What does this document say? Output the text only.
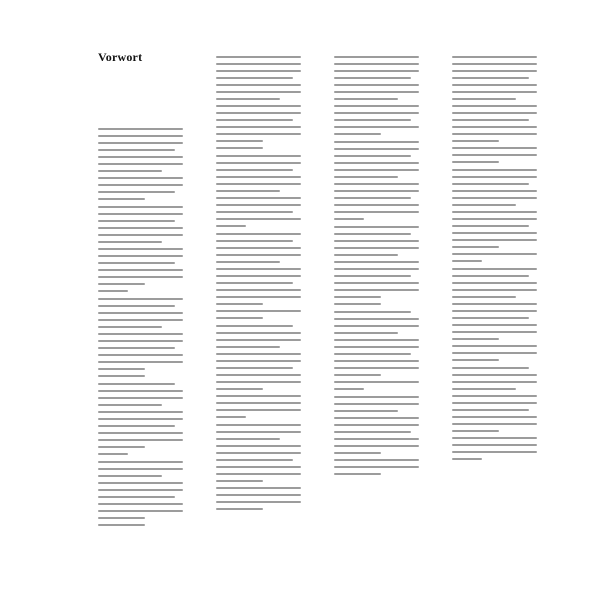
Vorwort
